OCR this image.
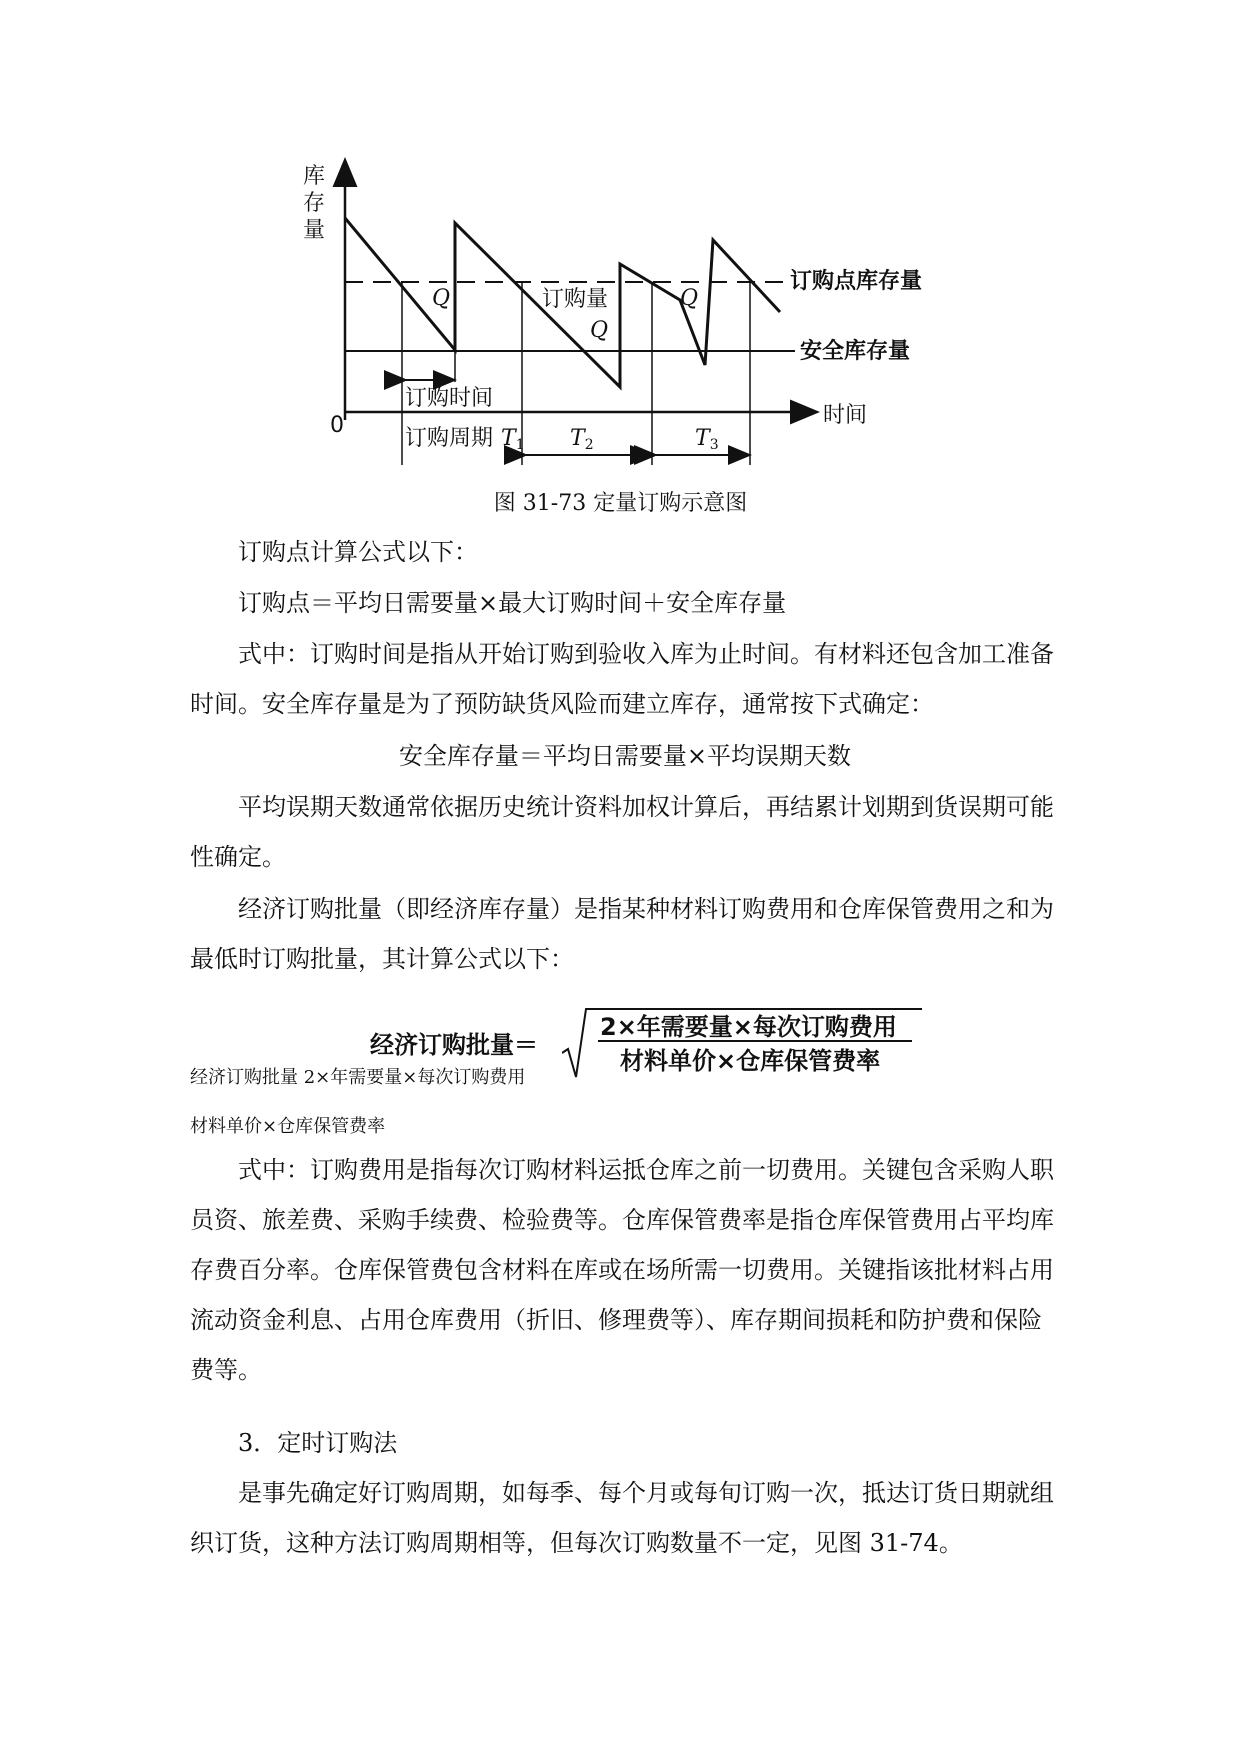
库
存
量
0	时间
订购点库存量
安全库存量
订购量
Q
Q
Q
订购时间
订购周期 T1 T2	T3
图 31-73 定量订购示意图
订购点计算公式以下：
订购点＝平均日需要量×最大订购时间＋安全库存量
式中：订购时间是指从开始订购到验收入库为止时间。有材料还包含加工准备时间。安全库存量是为了预防缺货风险而建立库存，通常按下式确定：
安全库存量＝平均日需要量×平均误期天数
平均误期天数通常依据历史统计资料加权计算后，再结累计划期到货误期可能性确定。
经济订购批量（即经济库存量）是指某种材料订购费用和仓库保管费用之和为最低时订购批量，其计算公式以下：
经济订购批量＝
2×年需要量×每次订购费用
材料单价×仓库保管费率
经济订购批量 2×年需要量×每次订购费用
材料单价×仓库保管费率
式中：订购费用是指每次订购材料运抵仓库之前一切费用。关键包含采购人职员资、旅差费、采购手续费、检验费等。仓库保管费率是指仓库保管费用占平均库存费百分率。仓库保管费包含材料在库或在场所需一切费用。关键指该批材料占用流动资金利息、占用仓库费用（折旧、修理费等）、库存期间损耗和防护费和保险费等。
3．定时订购法
是事先确定好订购周期，如每季、每个月或每旬订购一次，抵达订货日期就组织订货，这种方法订购周期相等，但每次订购数量不一定，见图 31-74。
